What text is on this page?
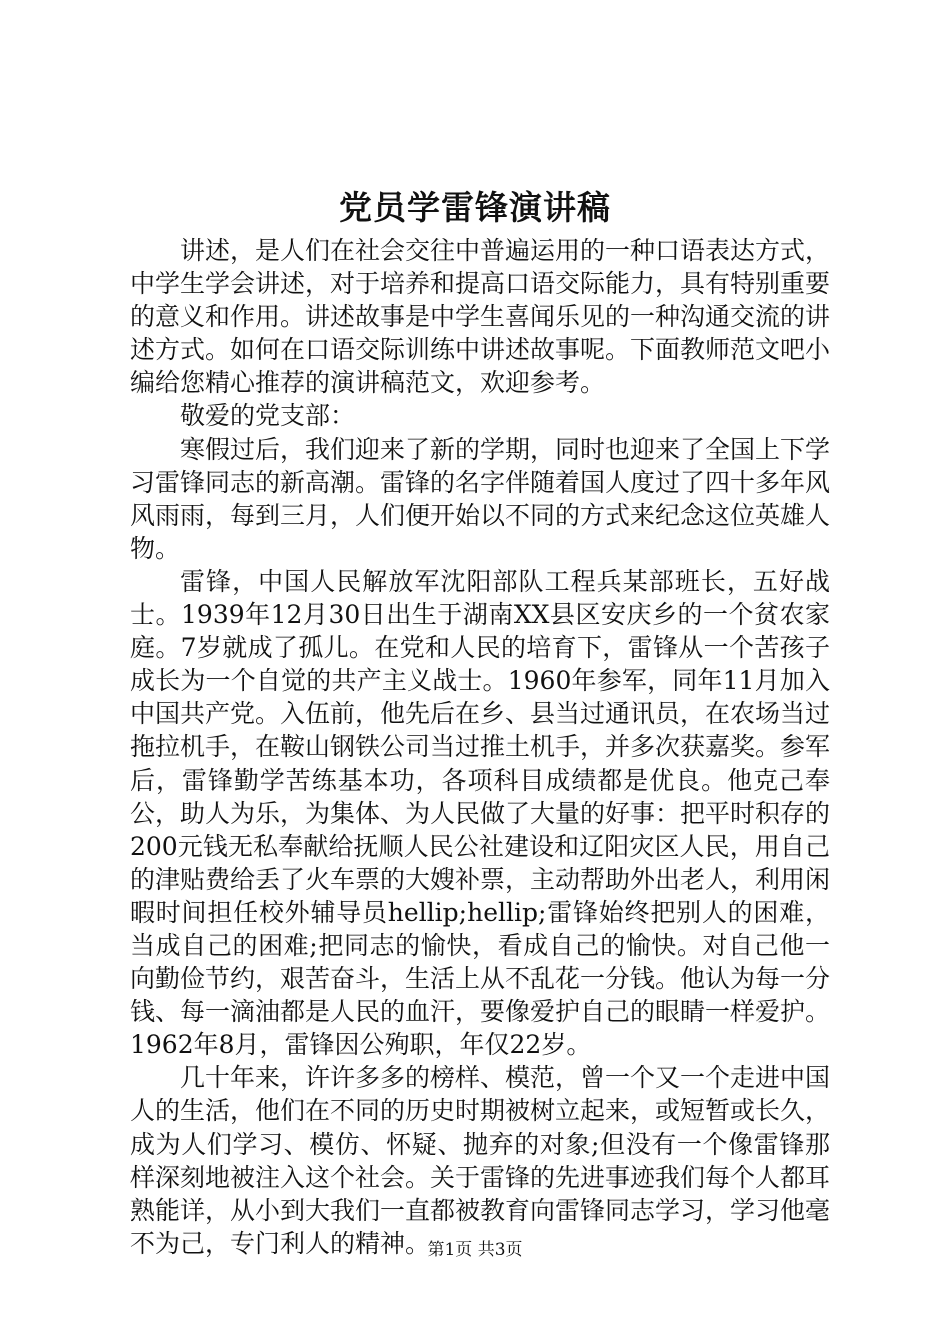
党员学雷锋演讲稿

讲述，是人们在社会交往中普遍运用的一种口语表达方式，中学生学会讲述，对于培养和提高口语交际能力，具有特别重要的意义和作用。讲述故事是中学生喜闻乐见的一种沟通交流的讲述方式。如何在口语交际训练中讲述故事呢。下面教师范文吧小编给您精心推荐的演讲稿范文，欢迎参考。

敬爱的党支部：

寒假过后，我们迎来了新的学期，同时也迎来了全国上下学习雷锋同志的新高潮。雷锋的名字伴随着国人度过了四十多年风风雨雨，每到三月，人们便开始以不同的方式来纪念这位英雄人物。

雷锋，中国人民解放军沈阳部队工程兵某部班长，五好战士。1939年12月30日出生于湖南XX县区安庆乡的一个贫农家庭。7岁就成了孤儿。在党和人民的培育下，雷锋从一个苦孩子成长为一个自觉的共产主义战士。1960年参军，同年11月加入中国共产党。入伍前，他先后在乡、县当过通讯员，在农场当过拖拉机手，在鞍山钢铁公司当过推土机手，并多次获嘉奖。参军后，雷锋勤学苦练基本功，各项科目成绩都是优良。他克己奉公，助人为乐，为集体、为人民做了大量的好事：把平时积存的200元钱无私奉献给抚顺人民公社建设和辽阳灾区人民，用自己的津贴费给丢了火车票的大嫂补票，主动帮助外出老人，利用闲暇时间担任校外辅导员hellip;hellip;雷锋始终把别人的困难，当成自己的困难;把同志的愉快，看成自己的愉快。对自己他一向勤俭节约，艰苦奋斗，生活上从不乱花一分钱。他认为每一分钱、每一滴油都是人民的血汗，要像爱护自己的眼睛一样爱护。1962年8月，雷锋因公殉职，年仅22岁。

几十年来，许许多多的榜样、模范，曾一个又一个走进中国人的生活，他们在不同的历史时期被树立起来，或短暂或长久，成为人们学习、模仿、怀疑、抛弃的对象;但没有一个像雷锋那样深刻地被注入这个社会。关于雷锋的先进事迹我们每个人都耳熟能详，从小到大我们一直都被教育向雷锋同志学习，学习他毫不为己，专门利人的精神。

第1页 共3页
